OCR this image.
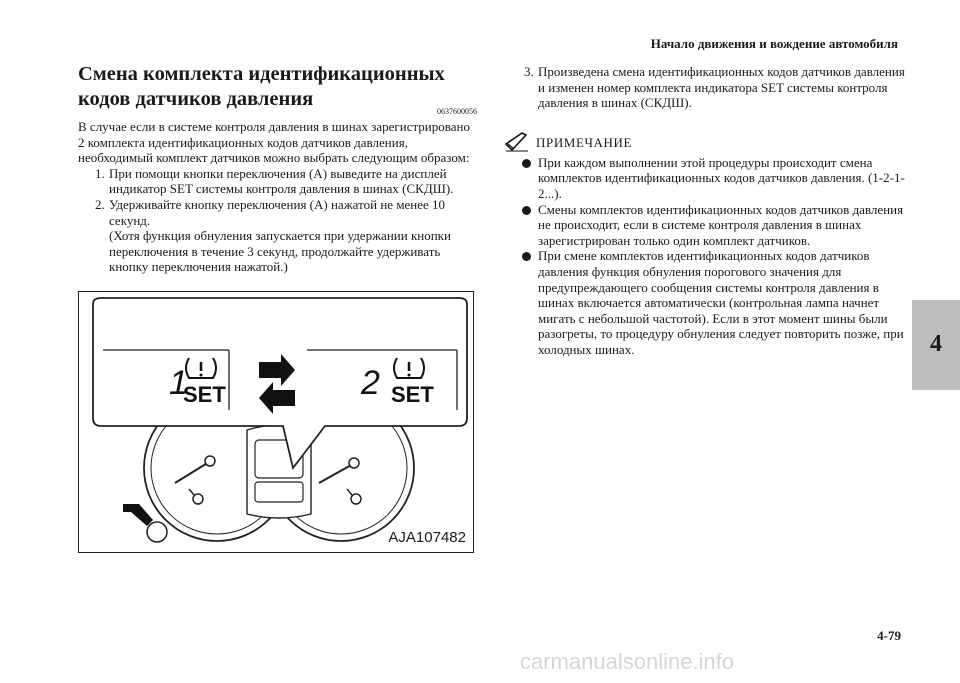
Начало движения и вождение автомобиля
Смена комплекта идентификационных кодов датчиков давления
0637600056

В случае если в системе контроля давления в шинах зарегистрировано 2 комплекта идентификационных кодов датчиков давления, необходимый комплект датчиков можно выбрать следующим образом:

1. При помощи кнопки переключения (A) выведите на дисплей индикатор SET системы контроля давления в шинах (СКДШ).
2. Удерживайте кнопку переключения (A) нажатой не менее 10 секунд.
(Хотя функция обнуления запускается при удержании кнопки переключения в течение 3 секунд, продолжайте удерживать кнопку переключения нажатой.)
1
SET	2 SET
AJA107482
3. Произведена смена идентификационных кодов датчиков давления и изменен номер комплекта индикатора SET системы контроля давления в шинах (СКДШ).
ПРИМЕЧАНИЕ
При каждом выполнении этой процедуры происходит смена комплектов идентификационных кодов датчиков давления. (1-2-1-2...).
Смены комплектов идентификационных кодов датчиков давления не происходит, если в системе контроля давления в шинах зарегистрирован только один комплект датчиков.
При смене комплектов идентификационных кодов датчиков давления функция обнуления порогового значения для предупреждающего сообщения системы контроля давления в шинах включается автоматически (контрольная лампа начнет мигать с небольшой частотой). Если в этот момент шины были разогреты, то процедуру обнуления следует повторить позже, при холодных шинах.	4
4-79
carmanualsonline.info
